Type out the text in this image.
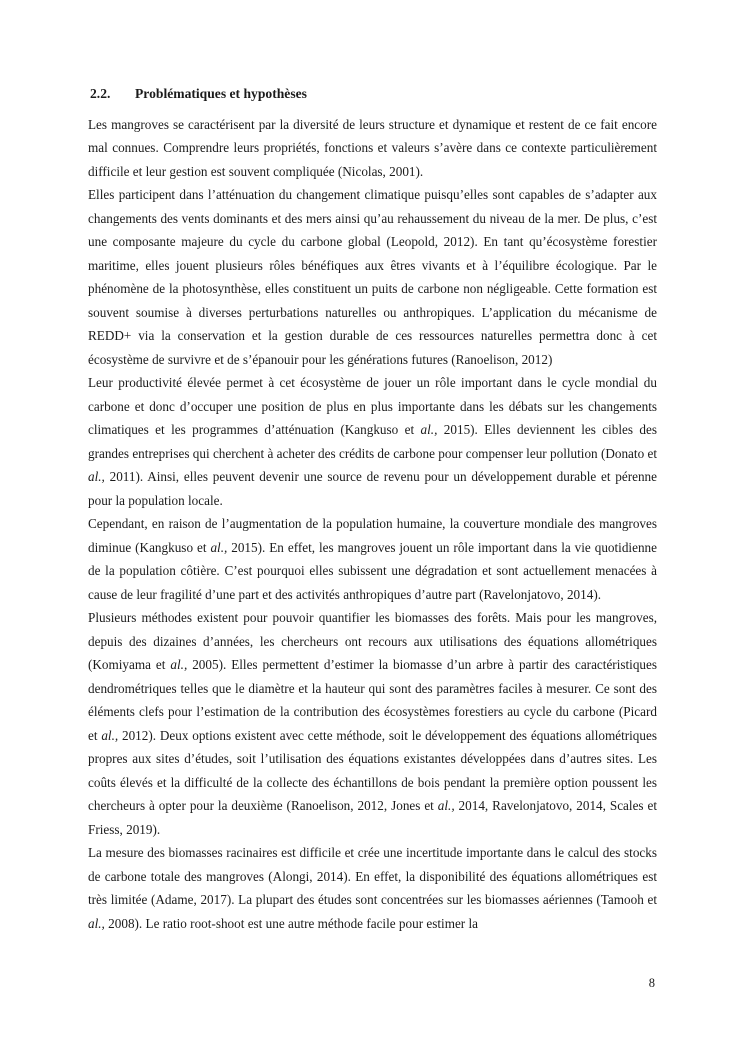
2.2.	Problématiques et hypothèses

Les mangroves se caractérisent par la diversité de leurs structure et dynamique et restent de ce fait encore mal connues. Comprendre leurs propriétés, fonctions et valeurs s’avère dans ce contexte particulièrement difficile et leur gestion est souvent compliquée (Nicolas, 2001).

Elles participent dans l’atténuation du changement climatique puisqu’elles sont capables de s’adapter aux changements des vents dominants et des mers ainsi qu’au rehaussement du niveau de la mer. De plus, c’est une composante majeure du cycle du carbone global (Leopold, 2012). En tant qu’écosystème forestier maritime, elles jouent plusieurs rôles bénéfiques aux êtres vivants et à l’équilibre écologique. Par le phénomène de la photosynthèse, elles constituent un puits de carbone non négligeable. Cette formation est souvent soumise à diverses perturbations naturelles ou anthropiques. L’application du mécanisme de REDD+ via la conservation et la gestion durable de ces ressources naturelles permettra donc à cet écosystème de survivre et de s’épanouir pour les générations futures (Ranoelison, 2012)

Leur productivité élevée permet à cet écosystème de jouer un rôle important dans le cycle mondial du carbone et donc d’occuper une position de plus en plus importante dans les débats sur les changements climatiques et les programmes d’atténuation (Kangkuso et al., 2015). Elles deviennent les cibles des grandes entreprises qui cherchent à acheter des crédits de carbone pour compenser leur pollution (Donato et al., 2011). Ainsi, elles peuvent devenir une source de revenu pour un développement durable et pérenne pour la population locale.

Cependant, en raison de l’augmentation de la population humaine, la couverture mondiale des mangroves diminue (Kangkuso et al., 2015). En effet, les mangroves jouent un rôle important dans la vie quotidienne de la population côtière. C’est pourquoi elles subissent une dégradation et sont actuellement menacées à cause de leur fragilité d’une part et des activités anthropiques d’autre part (Ravelonjatovo, 2014).

Plusieurs méthodes existent pour pouvoir quantifier les biomasses des forêts. Mais pour les mangroves, depuis des dizaines d’années, les chercheurs ont recours aux utilisations des équations allométriques (Komiyama et al., 2005). Elles permettent d’estimer la biomasse d’un arbre à partir des caractéristiques dendrométriques telles que le diamètre et la hauteur qui sont des paramètres faciles à mesurer. Ce sont des éléments clefs pour l’estimation de la contribution des écosystèmes forestiers au cycle du carbone (Picard et al., 2012). Deux options existent avec cette méthode, soit le développement des équations allométriques propres aux sites d’études, soit l’utilisation des équations existantes développées dans d’autres sites. Les coûts élevés et la difficulté de la collecte des échantillons de bois pendant la première option poussent les chercheurs à opter pour la deuxième (Ranoelison, 2012, Jones et al., 2014, Ravelonjatovo, 2014, Scales et Friess, 2019).

La mesure des biomasses racinaires est difficile et crée une incertitude importante dans le calcul des stocks de carbone totale des mangroves (Alongi, 2014). En effet, la disponibilité des équations allométriques est très limitée (Adame, 2017). La plupart des études sont concentrées sur les biomasses aériennes (Tamooh et al., 2008). Le ratio root-shoot est une autre méthode facile pour estimer la

8
